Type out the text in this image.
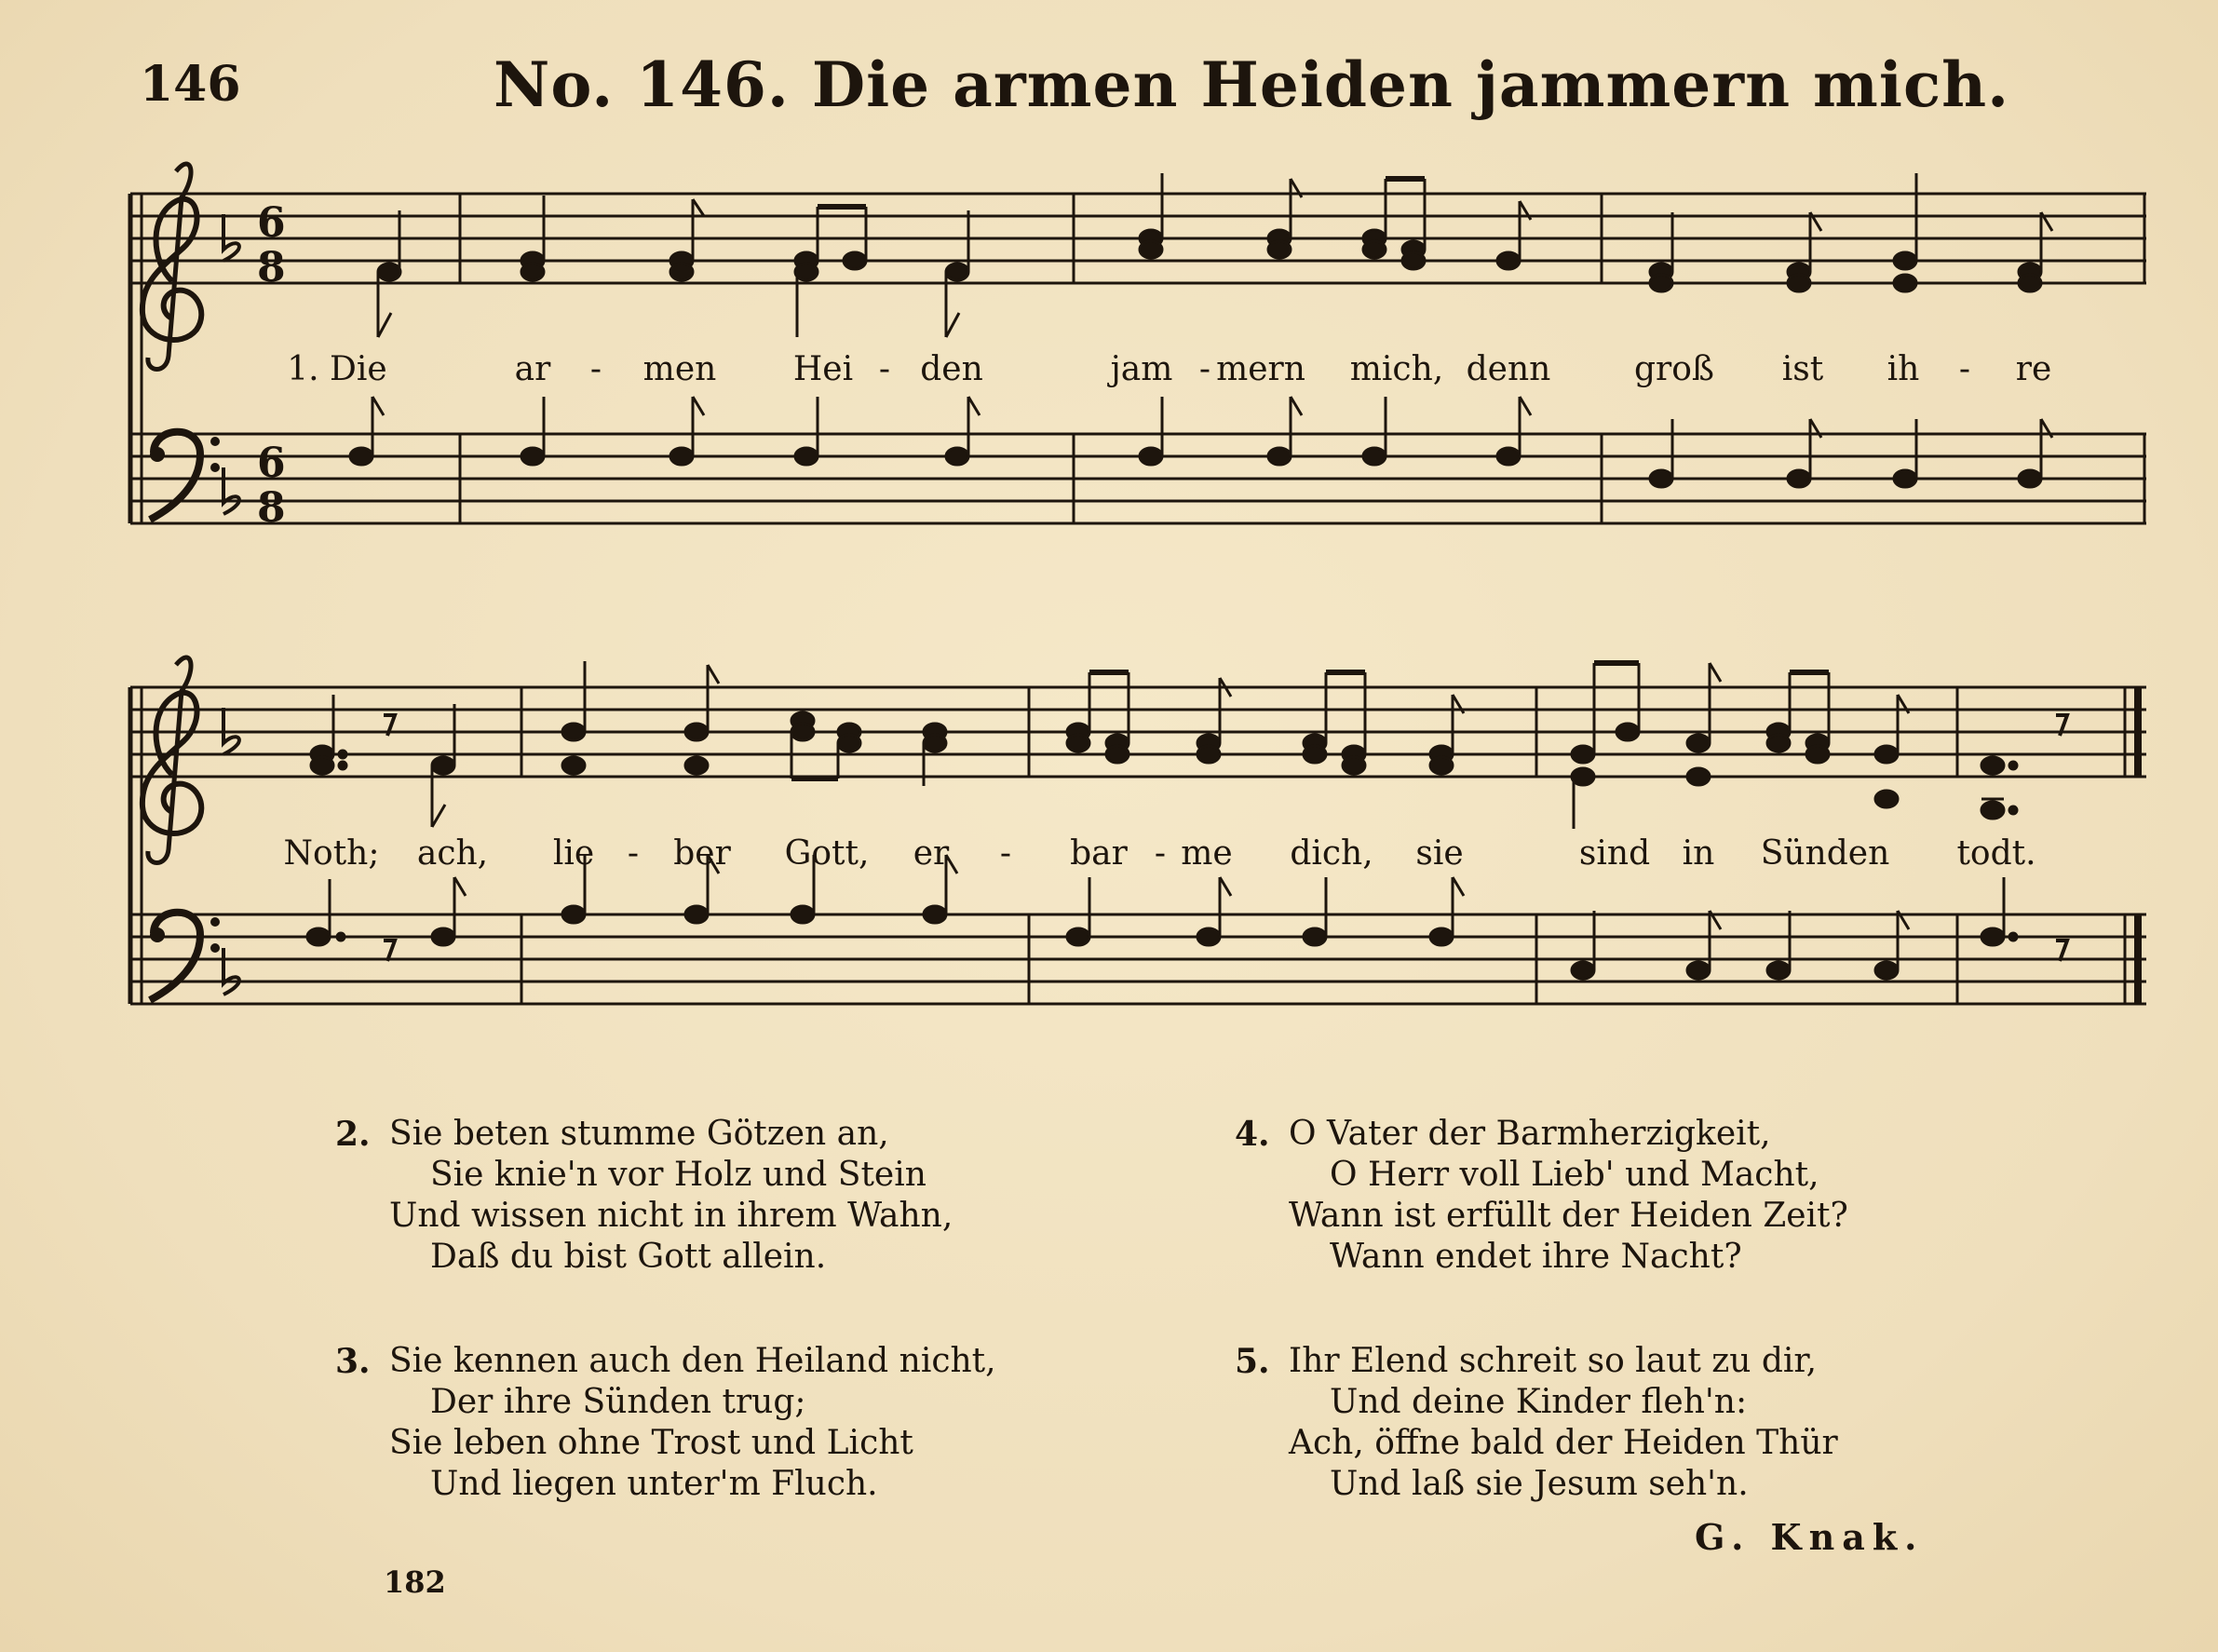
146	No. 146. Die armen Heiden jammern mich.
6
8
6
8
1. Die	ar - men Hei - den	jam - mern mich, denn groß ist ih - re
Noth; ach, lie - ber Gott, er - bar - me dich, sie	sind in Sünden todt.
2. Sie beten stumme Götzen an,
Sie knie'n vor Holz und Stein
Und wissen nicht in ihrem Wahn,
Daß du bist Gott allein.
3. Sie kennen auch den Heiland nicht,
Der ihre Sünden trug;
Sie leben ohne Trost und Licht
Und liegen unter'm Fluch.
4. O Vater der Barmherzigkeit,
O Herr voll Lieb' und Macht,
Wann ist erfüllt der Heiden Zeit?
Wann endet ihre Nacht?
5. Ihr Elend schreit so laut zu dir,
Und deine Kinder fleh'n:
Ach, öffne bald der Heiden Thür
Und laß sie Jesum seh'n.
G. Knak.
182
